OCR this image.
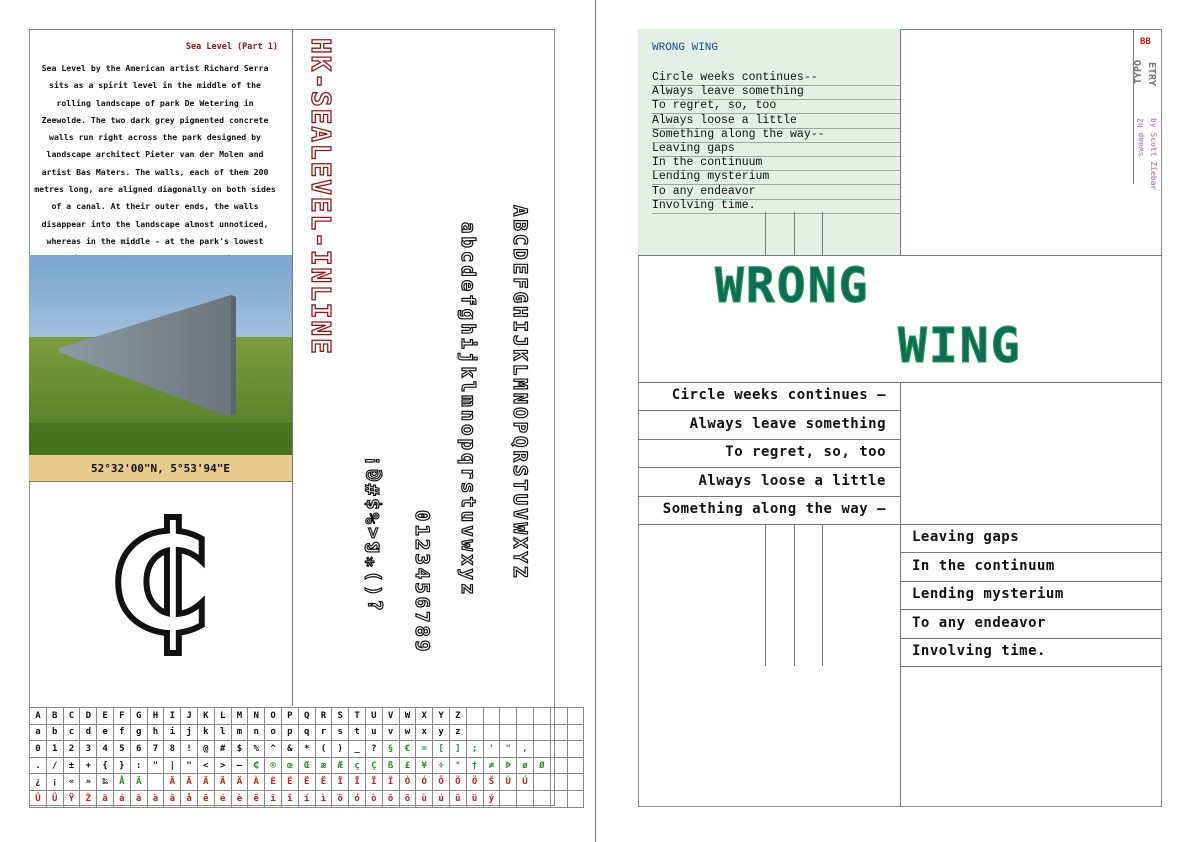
Sea Level (Part 1)
Sea Level by the American artist Richard Serra sits as a spirit level in the middle of the rolling landscape of park De Wetering in Zeewolde. The two dark grey pigmented concrete walls run right across the park designed by landscape architect Pieter van der Molen and artist Bas Maters. The walls, each of them 200 metres long, are aligned diagonally on both sides of a canal. At their outer ends, the walls disappear into the landscape almost unnoticed, whereas in the middle - at the park's lowest
52°32'00"N, 5°53'94"E
₵
HK-SEALEVEL-INLINE
ABCDEFGHIJKLMNOPQRSTUVWXYZ
abcdefghijklmnopqrstuvwxyz
0123456789
¿()*ß<%$#@!
A	B	C	D	E	F	G	H	I	J	K	L	M	N	O	P	Q	R	S	T	U	V	W	X	Y	Z							
a	b	c	d	e	f	g	h	i	j	k	l	m	n	o	p	q	r	s	t	u	v	w	x	y	z							
0	1	2	3	4	5	6	7	8	!	@	#	$	%	^	&	*	(	)	_	?	§	€	=	[	]	;	'	"	,			
.	/	±	+	{	}	:	"	|	"	<	>	–	₵	®	œ	Œ	æ	Æ	ç	Ç	ß	£	¥	÷	°	†	≠	Þ	ø	Ø		
¿	¡	«	»	‰	Å	Ä		Ä	Ä	Ä	Ä	Ä	À	È	Ê	Ë	Ë	Ï	Ï	Ï	Î	Ò	Ó	Ô	Õ	Ö	Š	Ù	Ú			
Û	Ü	Ÿ	Ž	ä	á	â	à	ã	å	ê	é	è	ë	ï	î	í	ì	ö	ó	ò	ô	õ	ù	ú	û	ü	ý					
WRONG WING
Circle weeks continues--
Always leave something
To regret, so, too
Always loose a little
Something along the way--
Leaving gaps
In the continuum
Lending mysterium
To any endeavor
Involving time.
WRONG
WING
Circle weeks continues –
Always leave something
To regret, so, too
Always loose a little
Something along the way –
Leaving gaps
In the continuum
Lending mysterium
To any endeavor
Involving time.
BB
TYPO ETRY
by Scott Ziebar
swaap h2
